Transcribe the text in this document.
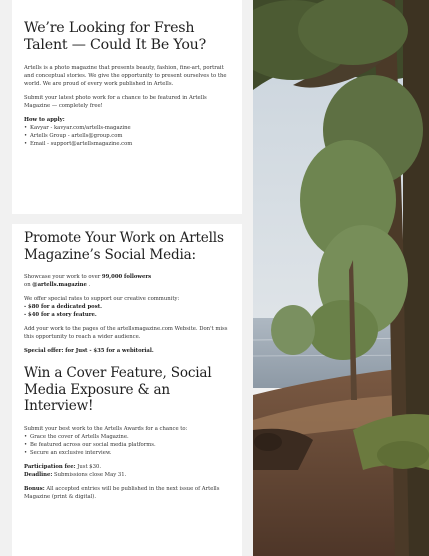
We’re Looking for Fresh Talent — Could It Be You?

Artells is a photo magazine that presents beauty, fashion, fine-art, portrait and conceptual stories. We give the opportunity to present ourselves to the world. We are proud of every work published in Artells.

Submit your latest photo work for a chance to be featured in Artells Magazine — completely free!

How to apply:

• Kavyar - kavyar.com/artells-magazine
• Artells Group - artells@group.com
• Email - support@artellsmagazine.com
Promote Your Work on Artells Magazine’s Social Media:

Showcase your work to over 99,000 followers
on @artells.magazine .

We offer special rates to support our creative community:

- $80 for a dedicated post.

- $40 for a story feature.

Add your work to the pages of the artellsmagazine.com Website. Don't miss this opportunity to reach a wider audience.

Special offer: for Just - $35 for a webitorial.

Win a Cover Feature, Social Media Exposure & an Interview!

Submit your best work to the Artells Awards for a chance to:

• Grace the cover of Artells Magazine.
• Be featured across our social media platforms.
• Secure an exclusive interview.

Participation fee: Just $30.

Deadline: Submissions close May 31.

Bonus: All accepted entries will be published in the next issue of Artells Magazine (print & digital).
